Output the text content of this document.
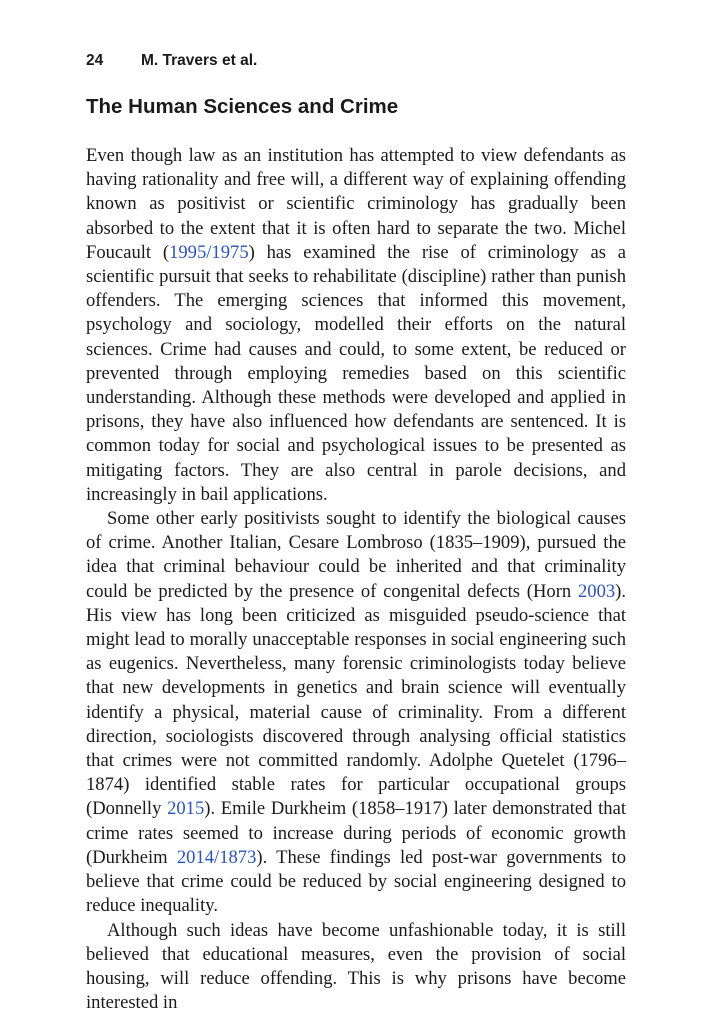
24 M. Travers et al.
The Human Sciences and Crime

Even though law as an institution has attempted to view defendants as having rationality and free will, a different way of explaining offending known as positivist or scientific criminology has gradually been absorbed to the extent that it is often hard to separate the two. Michel Foucault (1995/1975) has examined the rise of criminology as a scientific pursuit that seeks to rehabilitate (discipline) rather than punish offenders. The emerging sciences that informed this movement, psychology and sociology, modelled their efforts on the natural sciences. Crime had causes and could, to some extent, be reduced or prevented through employing remedies based on this scientific understanding. Although these methods were developed and applied in prisons, they have also influenced how defendants are sentenced. It is common today for social and psychological issues to be presented as mitigating factors. They are also central in parole decisions, and increasingly in bail applications.

Some other early positivists sought to identify the biological causes of crime. Another Italian, Cesare Lombroso (1835–1909), pursued the idea that criminal behaviour could be inherited and that criminality could be predicted by the presence of congenital defects (Horn 2003). His view has long been criticized as misguided pseudo-science that might lead to morally unacceptable responses in social engineering such as eugenics. Nevertheless, many forensic criminologists today believe that new developments in genetics and brain science will eventually identify a physical, material cause of criminality. From a different direction, sociologists discovered through analysing official statistics that crimes were not committed randomly. Adolphe Quetelet (1796–1874) identified stable rates for particular occupational groups (Donnelly 2015). Emile Durkheim (1858–1917) later demonstrated that crime rates seemed to increase during periods of economic growth (Durkheim 2014/1873). These findings led post-war governments to believe that crime could be reduced by social engineering designed to reduce inequality.

Although such ideas have become unfashionable today, it is still believed that educational measures, even the provision of social housing, will reduce offending. This is why prisons have become interested in
